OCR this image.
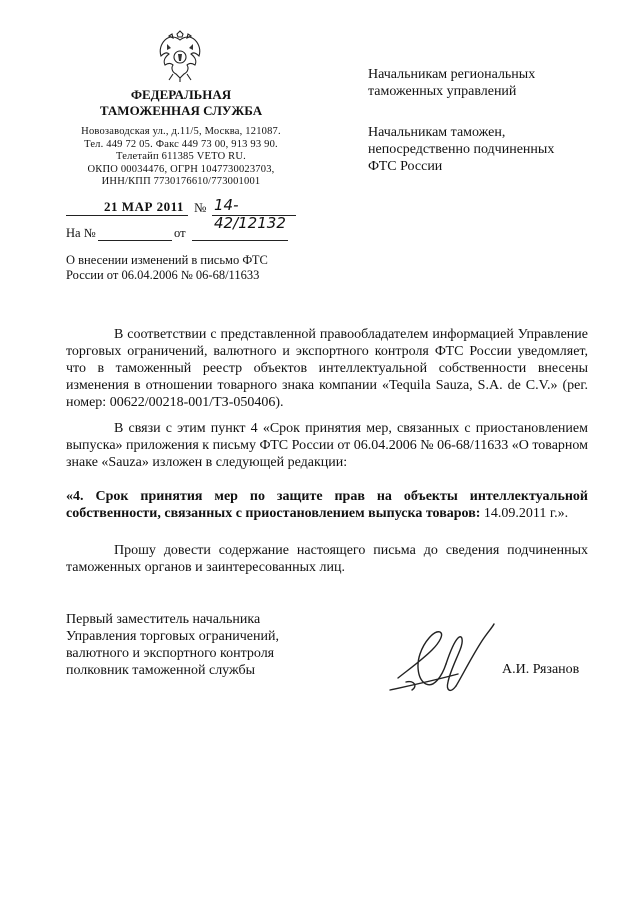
ФЕДЕРАЛЬНАЯ
ТАМОЖЕННАЯ СЛУЖБА
Новозаводская ул., д.11/5, Москва, 121087.
Тел. 449 72 05. Факс 449 73 00, 913 93 90.
Телетайп 611385 VETO RU.
ОКПО 00034476, ОГРН 1047730023703,
ИНН/КПП 7730176610/773001001
Начальникам региональных
таможенных управлений
Начальникам таможен,
непосредственно подчиненных
ФТС России
21 МАР 2011 № 14-42/12132
На №	от
О внесении изменений в письмо ФТС
России от 06.04.2006 № 06-68/11633
В соответствии с представленной правообладателем информацией Управление торговых ограничений, валютного и экспортного контроля ФТС России уведомляет, что в таможенный реестр объектов интеллектуальной собственности внесены изменения в отношении товарного знака компании «Tequila Sauza, S.A. de C.V.» (рег. номер: 00622/00218-001/ТЗ-050406).
В связи с этим пункт 4 «Срок принятия мер, связанных с приостановлением выпуска» приложения к письму ФТС России от 06.04.2006 № 06-68/11633 «О товарном знаке «Sauza» изложен в следующей редакции:
«4. Срок принятия мер по защите прав на объекты интеллектуальной собственности, связанных с приостановлением выпуска товаров: 14.09.2011 г.».
Прошу довести содержание настоящего письма до сведения подчиненных таможенных органов и заинтересованных лиц.
Первый заместитель начальника
Управления торговых ограничений,
валютного и экспортного контроля
полковник таможенной службы	А.И. Рязанов
